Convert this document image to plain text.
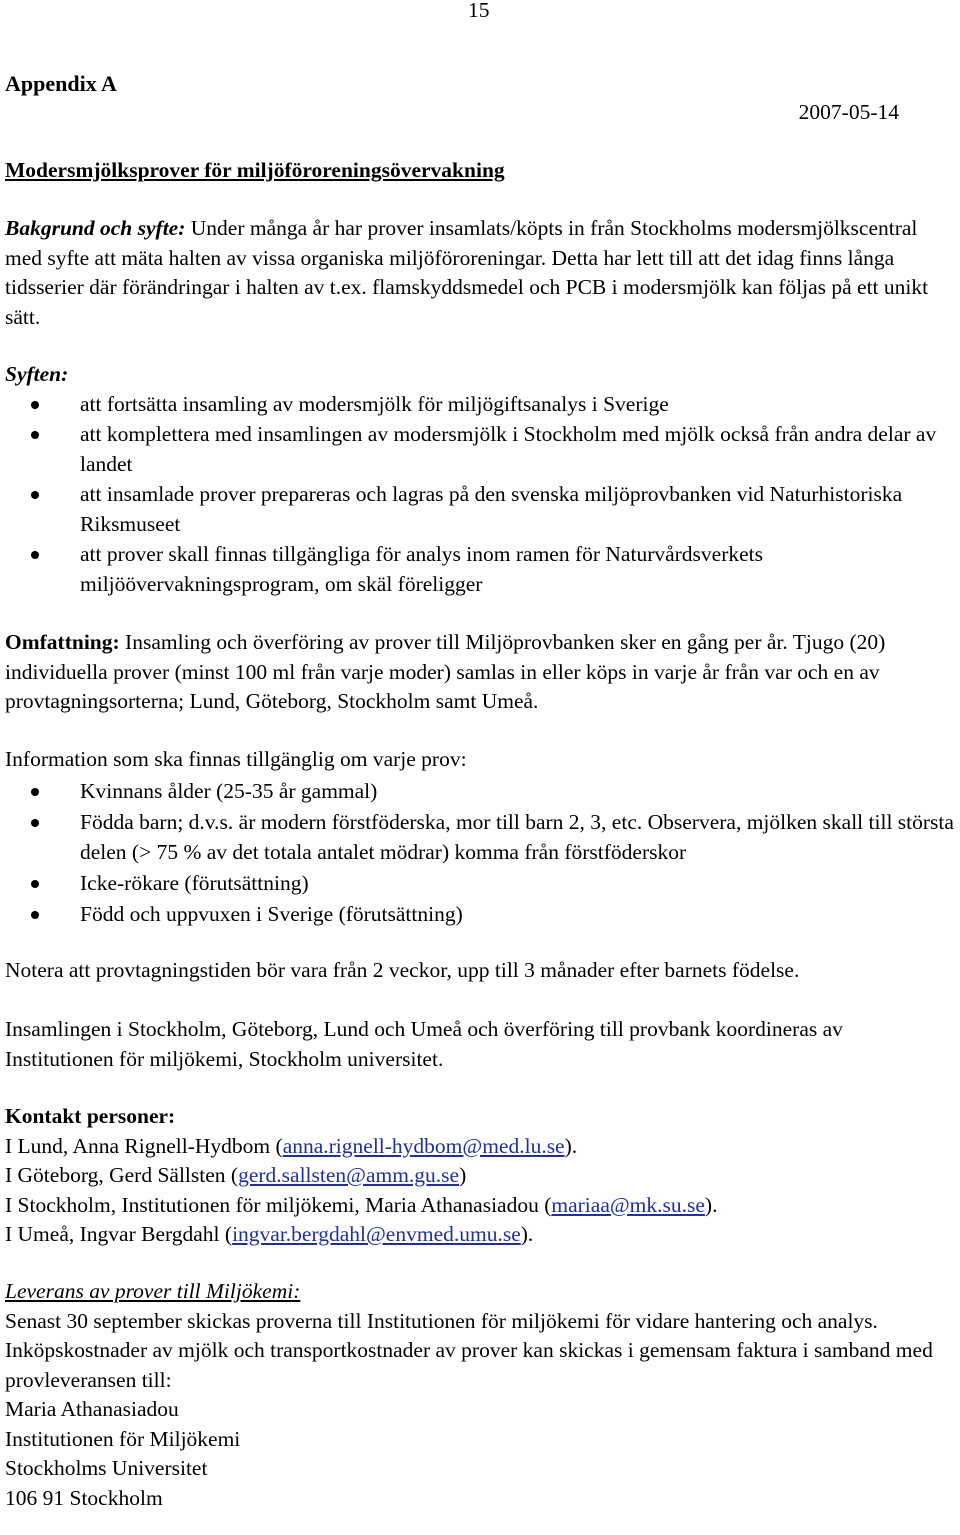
15
Appendix A
2007-05-14
Modersmjölksprover för miljöföroreningsövervakning

Bakgrund och syfte: Under många år har prover insamlats/köpts in från Stockholms modersmjölkscentral med syfte att mäta halten av vissa organiska miljöföroreningar. Detta har lett till att det idag finns långa tidsserier där förändringar i halten av t.ex. flamskyddsmedel och PCB i modersmjölk kan följas på ett unikt sätt.

Syften:

att fortsätta insamling av modersmjölk för miljögiftsanalys i Sverige
att komplettera med insamlingen av modersmjölk i Stockholm med mjölk också från andra delar av landet
att insamlade prover prepareras och lagras på den svenska miljöprovbanken vid Naturhistoriska Riksmuseet
att prover skall finnas tillgängliga för analys inom ramen för Naturvårdsverkets miljöövervakningsprogram, om skäl föreligger

Omfattning: Insamling och överföring av prover till Miljöprovbanken sker en gång per år. Tjugo (20) individuella prover (minst 100 ml från varje moder) samlas in eller köps in varje år från var och en av provtagningsorterna; Lund, Göteborg, Stockholm samt Umeå.

Information som ska finnas tillgänglig om varje prov:

Kvinnans ålder (25-35 år gammal)
Födda barn; d.v.s. är modern förstföderska, mor till barn 2, 3, etc. Observera, mjölken skall till största delen (> 75 % av det totala antalet mödrar) komma från förstföderskor
Icke-rökare (förutsättning)
Född och uppvuxen i Sverige (förutsättning)

Notera att provtagningstiden bör vara från 2 veckor, upp till 3 månader efter barnets födelse.

Insamlingen i Stockholm, Göteborg, Lund och Umeå och överföring till provbank koordineras av Institutionen för miljökemi, Stockholm universitet.

Kontakt personer:

I Lund, Anna Rignell-Hydbom (anna.rignell-hydbom@med.lu.se).

I Göteborg, Gerd Sällsten (gerd.sallsten@amm.gu.se)

I Stockholm, Institutionen för miljökemi, Maria Athanasiadou (mariaa@mk.su.se).

I Umeå, Ingvar Bergdahl (ingvar.bergdahl@envmed.umu.se).

Leverans av prover till Miljökemi:

Senast 30 september skickas proverna till Institutionen för miljökemi för vidare hantering och analys.

Inköpskostnader av mjölk och transportkostnader av prover kan skickas i gemensam faktura i samband med provleveransen till:

Maria Athanasiadou

Institutionen för Miljökemi

Stockholms Universitet

106 91 Stockholm
